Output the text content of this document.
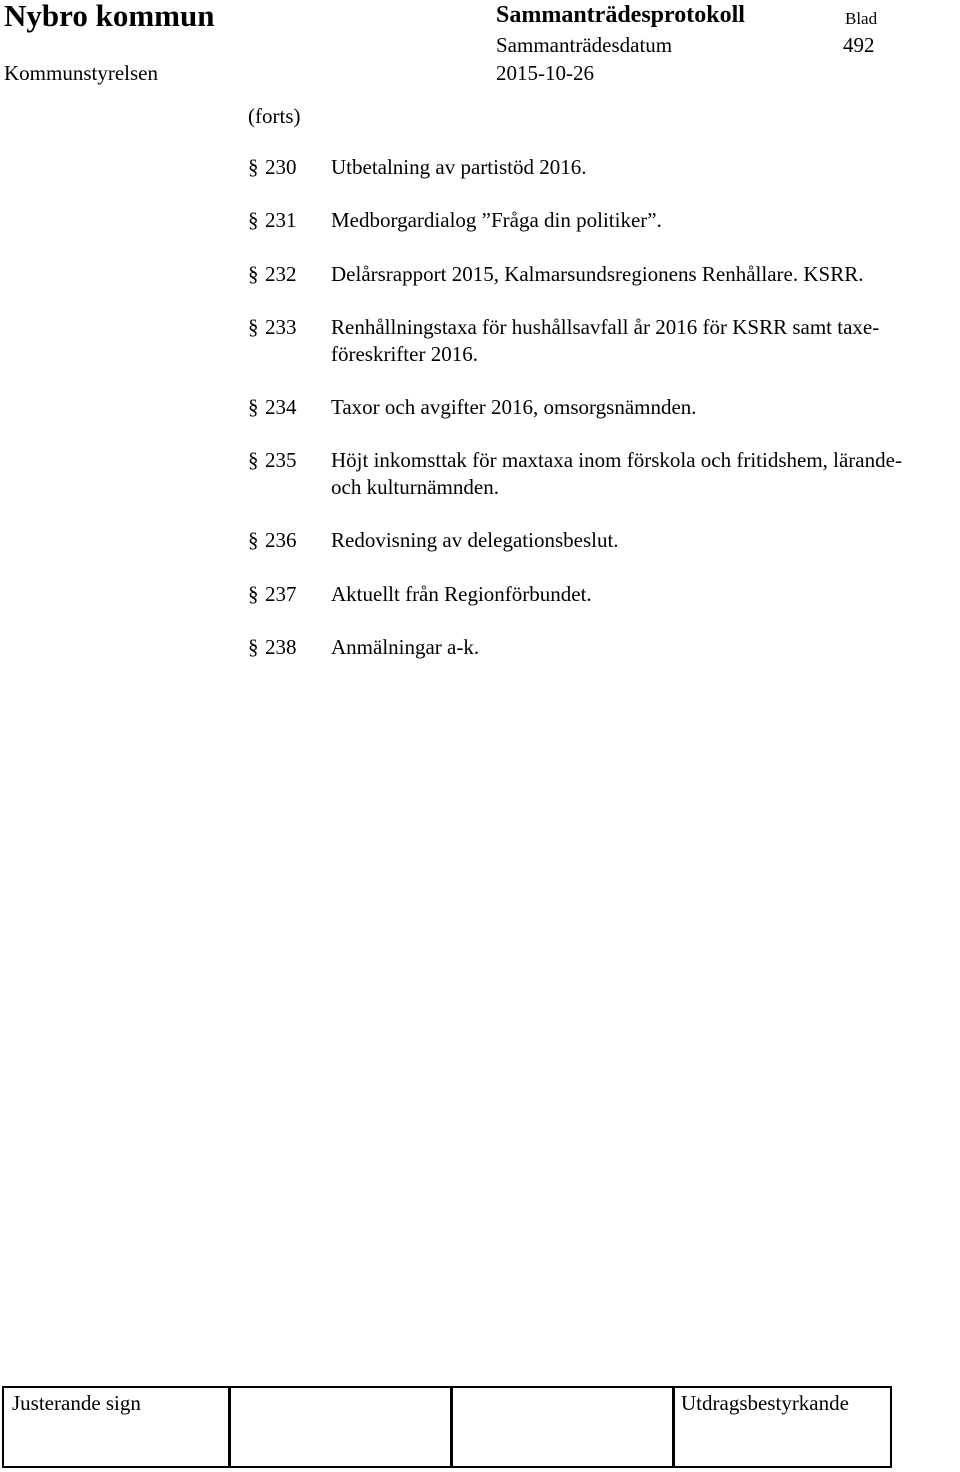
Nybro kommun	Sammanträdesprotokoll	Blad
Sammanträdesdatum	492
Kommunstyrelsen	2015-10-26
(forts)
§ 230 Utbetalning av partistöd 2016.
§ 231 Medborgardialog ”Fråga din politiker”.
§ 232 Delårsrapport 2015, Kalmarsundsregionens Renhållare. KSRR.
§ 233 Renhållningstaxa för hushållsavfall år 2016 för KSRR samt taxe-
föreskrifter 2016.
§ 234 Taxor och avgifter 2016, omsorgsnämnden.
§ 235 Höjt inkomsttak för maxtaxa inom förskola och fritidshem, lärande-
och kulturnämnden.
§ 236 Redovisning av delegationsbeslut.
§ 237 Aktuellt från Regionförbundet.
§ 238 Anmälningar a-k.
Justerande sign	Utdragsbestyrkande
